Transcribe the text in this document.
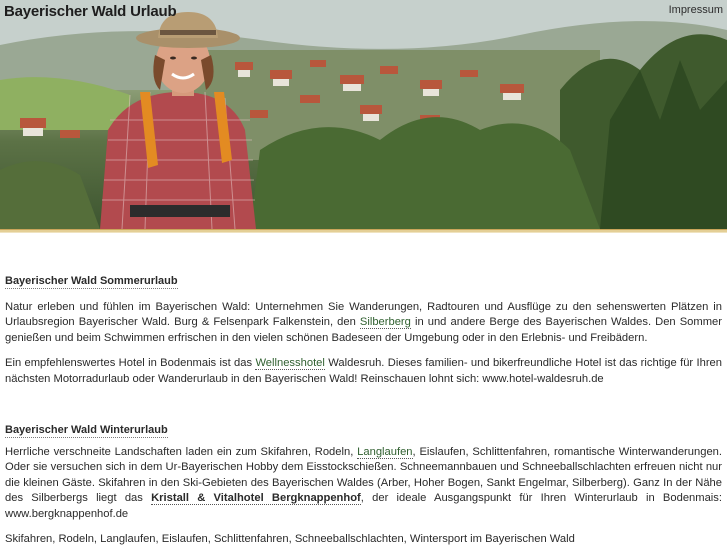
Bayerischer Wald Urlaub	Impressum
Bayerischer Wald Sommerurlaub

Natur erleben und fühlen im Bayerischen Wald: Unternehmen Sie Wanderungen, Radtouren und Ausflüge zu den sehenswerten Plätzen in Urlaubsregion Bayerischer Wald. Burg & Felsenpark Falkenstein, den Silberberg in und andere Berge des Bayerischen Waldes. Den Sommer genießen und beim Schwimmen erfrischen in den vielen schönen Badeseen der Umgebung oder in den Erlebnis- und Freibädern.

Ein empfehlenswertes Hotel in Bodenmais ist das Wellnesshotel Waldesruh. Dieses familien- und bikerfreundliche Hotel ist das richtige für Ihren nächsten Motorradurlaub oder Wanderurlaub in den Bayerischen Wald! Reinschauen lohnt sich: www.hotel-waldesruh.de

Bayerischer Wald Winterurlaub

Herrliche verschneite Landschaften laden ein zum Skifahren, Rodeln, Langlaufen, Eislaufen, Schlittenfahren, romantische Winterwanderungen. Oder sie versuchen sich in dem Ur-Bayerischen Hobby dem Eisstockschießen. Schneemannbauen und Schneeballschlachten erfreuen nicht nur die kleinen Gäste. Skifahren in den Ski-Gebieten des Bayerischen Waldes (Arber, Hoher Bogen, Sankt Engelmar, Silberberg). Ganz In der Nähe des Silberbergs liegt das Kristall & Vitalhotel Bergknappenhof, der ideale Ausgangspunkt für Ihren Winterurlaub in Bodenmais: www.bergknappenhof.de

Skifahren, Rodeln, Langlaufen, Eislaufen, Schlittenfahren, Schneeballschlachten, Wintersport im Bayerischen Wald
